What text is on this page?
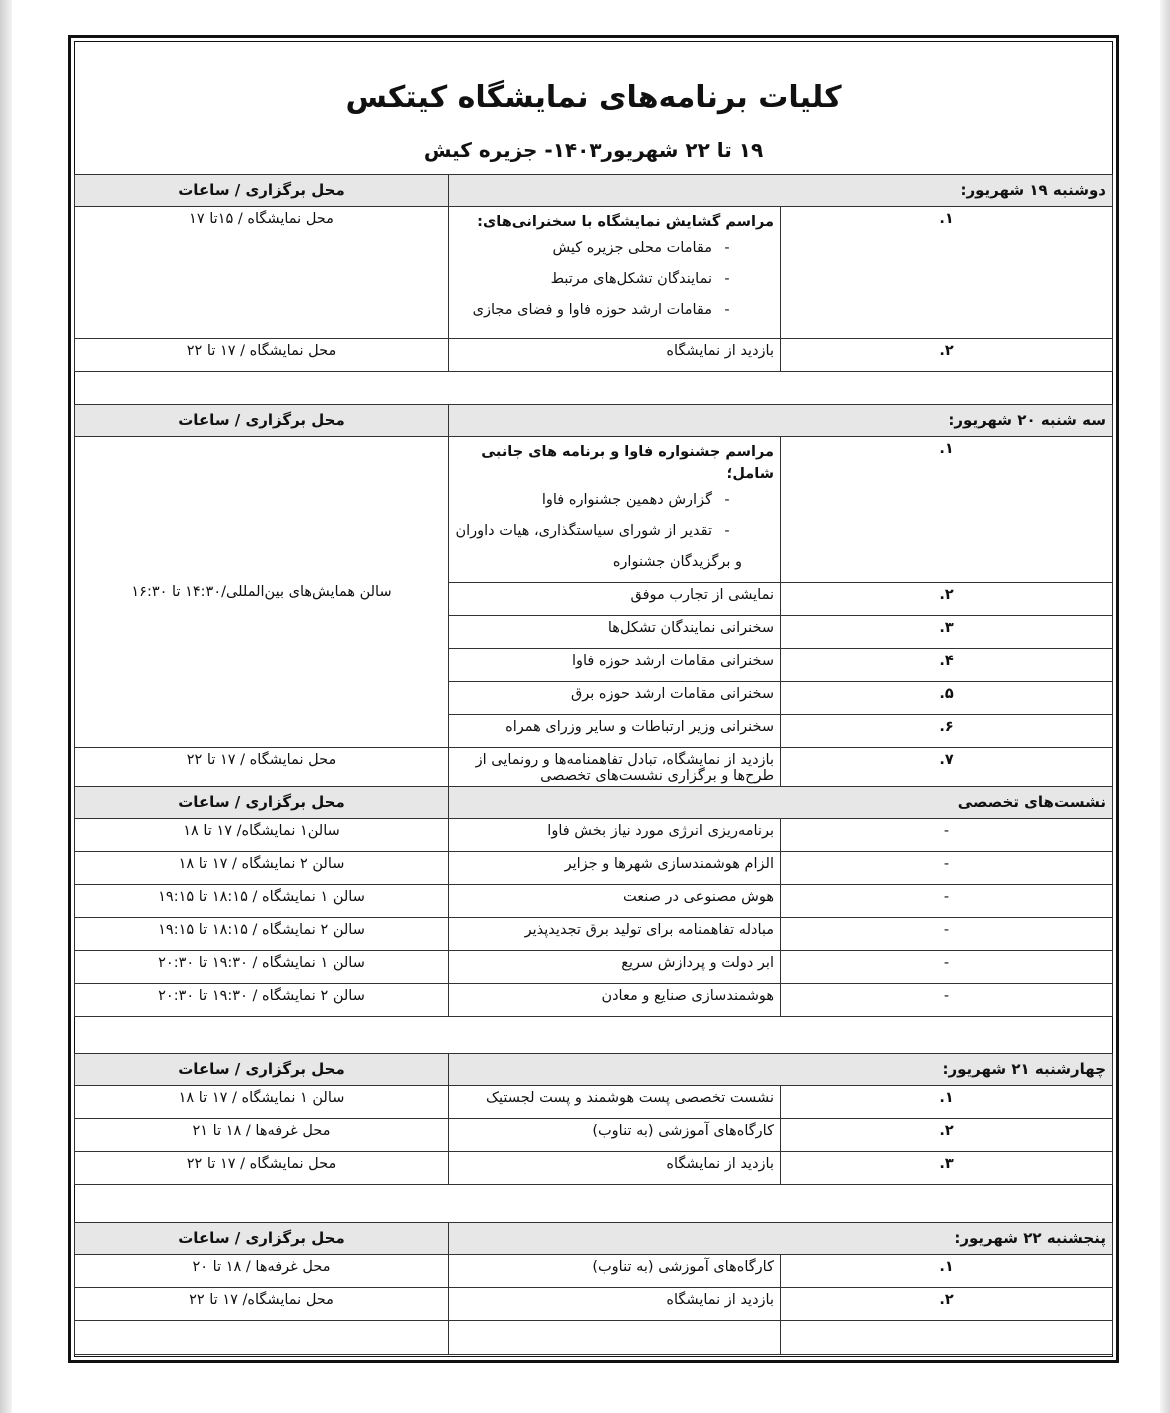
کلیات برنامه‌های نمایشگاه کیتکس
۱۹ تا ۲۲ شهریور۱۴۰۳- جزیره کیش
دوشنبه ۱۹ شهریور:		محل برگزاری / ساعات
۱.	مراسم گشایش نمایشگاه با سخنرانی‌های:
-مقامات محلی جزیره کیش
-نمایندگان تشکل‌های مرتبط
-مقامات ارشد حوزه فاوا و فضای مجازی	محل نمایشگاه / ۱۵تا ۱۷
۲.	بازدید از نمایشگاه	محل نمایشگاه / ۱۷ تا ۲۲
سه شنبه ۲۰ شهریور:		محل برگزاری / ساعات
۱.	مراسم جشنواره فاوا و برنامه های جانبی شامل؛
-گزارش دهمین جشنواره فاوا
-تقدیر از شورای سیاستگذاری، هیات داوران و برگزیدگان جشنواره	سالن همایش‌های بین‌المللی/۱۴:۳۰ تا ۱۶:۳۰
۲.	نمایشی از تجارب موفق	
۳.	سخنرانی نمایندگان تشکل‌ها	
۴.	سخنرانی مقامات ارشد حوزه فاوا	
۵.	سخنرانی مقامات ارشد حوزه برق	
۶.	سخنرانی وزیر ارتباطات و سایر وزرای همراه	
۷.	بازدید از نمایشگاه، تبادل تفاهمنامه‌ها و رونمایی از طرح‌ها و برگزاری نشست‌های تخصصی	محل نمایشگاه / ۱۷ تا ۲۲
نشست‌های تخصصی		محل برگزاری / ساعات
-	برنامه‌ریزی انرژی مورد نیاز بخش فاوا	سالن۱ نمایشگاه/ ۱۷ تا ۱۸
-	الزام هوشمندسازی شهرها و جزایر	سالن ۲ نمایشگاه / ۱۷ تا ۱۸
-	هوش مصنوعی در صنعت	سالن ۱ نمایشگاه / ۱۸:۱۵ تا ۱۹:۱۵
-	مبادله تفاهمنامه برای تولید برق تجدیدپذیر	سالن ۲ نمایشگاه / ۱۸:۱۵ تا ۱۹:۱۵
-	ابر دولت و پردازش سریع	سالن ۱ نمایشگاه / ۱۹:۳۰ تا ۲۰:۳۰
-	هوشمندسازی صنایع و معادن	سالن ۲ نمایشگاه / ۱۹:۳۰ تا ۲۰:۳۰
چهارشنبه ۲۱ شهریور:		محل برگزاری / ساعات
۱.	نشست تخصصی پست هوشمند و پست لجستیک	سالن ۱ نمایشگاه / ۱۷ تا ۱۸
۲.	کارگاه‌های آموزشی (به تناوب)	محل غرفه‌ها / ۱۸ تا ۲۱
۳.	بازدید از نمایشگاه	محل نمایشگاه / ۱۷ تا ۲۲
پنجشنبه ۲۲ شهریور:		محل برگزاری / ساعات
۱.	کارگاه‌های آموزشی (به تناوب)	محل غرفه‌ها / ۱۸ تا ۲۰
۲.	بازدید از نمایشگاه	محل نمایشگاه/ ۱۷ تا ۲۲
